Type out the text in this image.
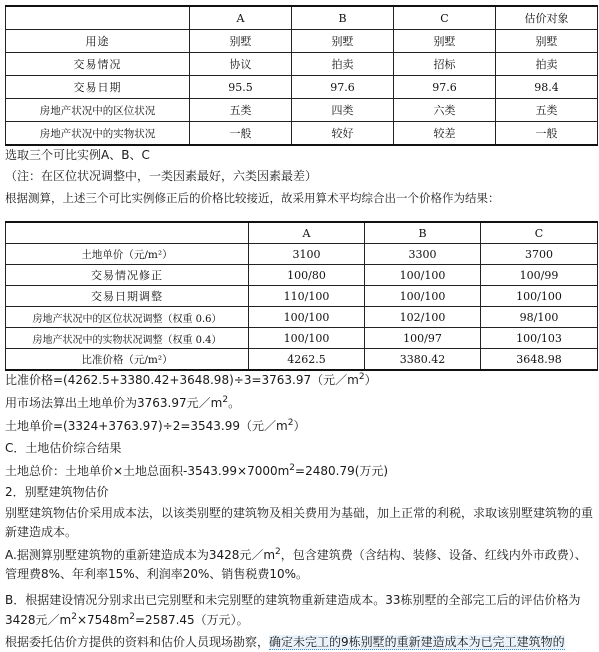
	A	B	C	估价对象
用途	别墅	别墅	别墅	别墅
交易情况	协议	拍卖	招标	拍卖
交易日期	95.5	97.6	97.6	98.4
房地产状况中的区位状况	五类	四类	六类	五类
房地产状况中的实物状况	一般	较好	较差	一般
选取三个可比实例A、B、C
（注：在区位状况调整中，一类因素最好，六类因素最差）
根据测算，上述三个可比实例修正后的价格比较接近，故采用算术平均综合出一个价格作为结果：
	A	B	C
土地单价（元/m²）	3100	3300	3700
交易情况修正	100/80	100/100	100/99
交易日期调整	110/100	100/100	100/100
房地产状况中的区位状况调整（权重 0.6）	100/100	102/100	98/100
房地产状况中的实物状况调整（权重 0.4）	100/100	100/97	100/103
比准价格（元/m²）	4262.5	3380.42	3648.98
比准价格=(4262.5+3380.42+3648.98)÷3=3763.97（元$/m^2$）
用市场法算出土地单价为3763.97元$/m^2$。
土地单价=(3324+3763.97)÷2=3543.99（元$/m^2$）
C．土地估价综合结果
土地总价：土地单价×土地总面积$-3543.99\times 7000m^2=2480.79$(万元)
2．别墅建筑物估价
别墅建筑物估价采用成本法，以该类别墅的建筑物及相关费用为基础，加上正常的利税，求取该别墅建筑物的重新建造成本。
A.据测算别墅建筑物的重新建造成本为3428元$/m^2$，包含建筑费（含结构、装修、设备、红线内外市政费）、管理费8%、年利率15%、利润率20%、销售税费10%。
B．根据建设情况分别求出已完别墅和未完别墅的建筑物重新建造成本。33栋别墅的全部完工后的评估价格为
3428元$/m^2\times 7548m^2=2587.45$（万元）。
根据委托估价方提供的资料和估价人员现场勘察，确定未完工的9栋别墅的重新建造成本为已完工建筑物的
